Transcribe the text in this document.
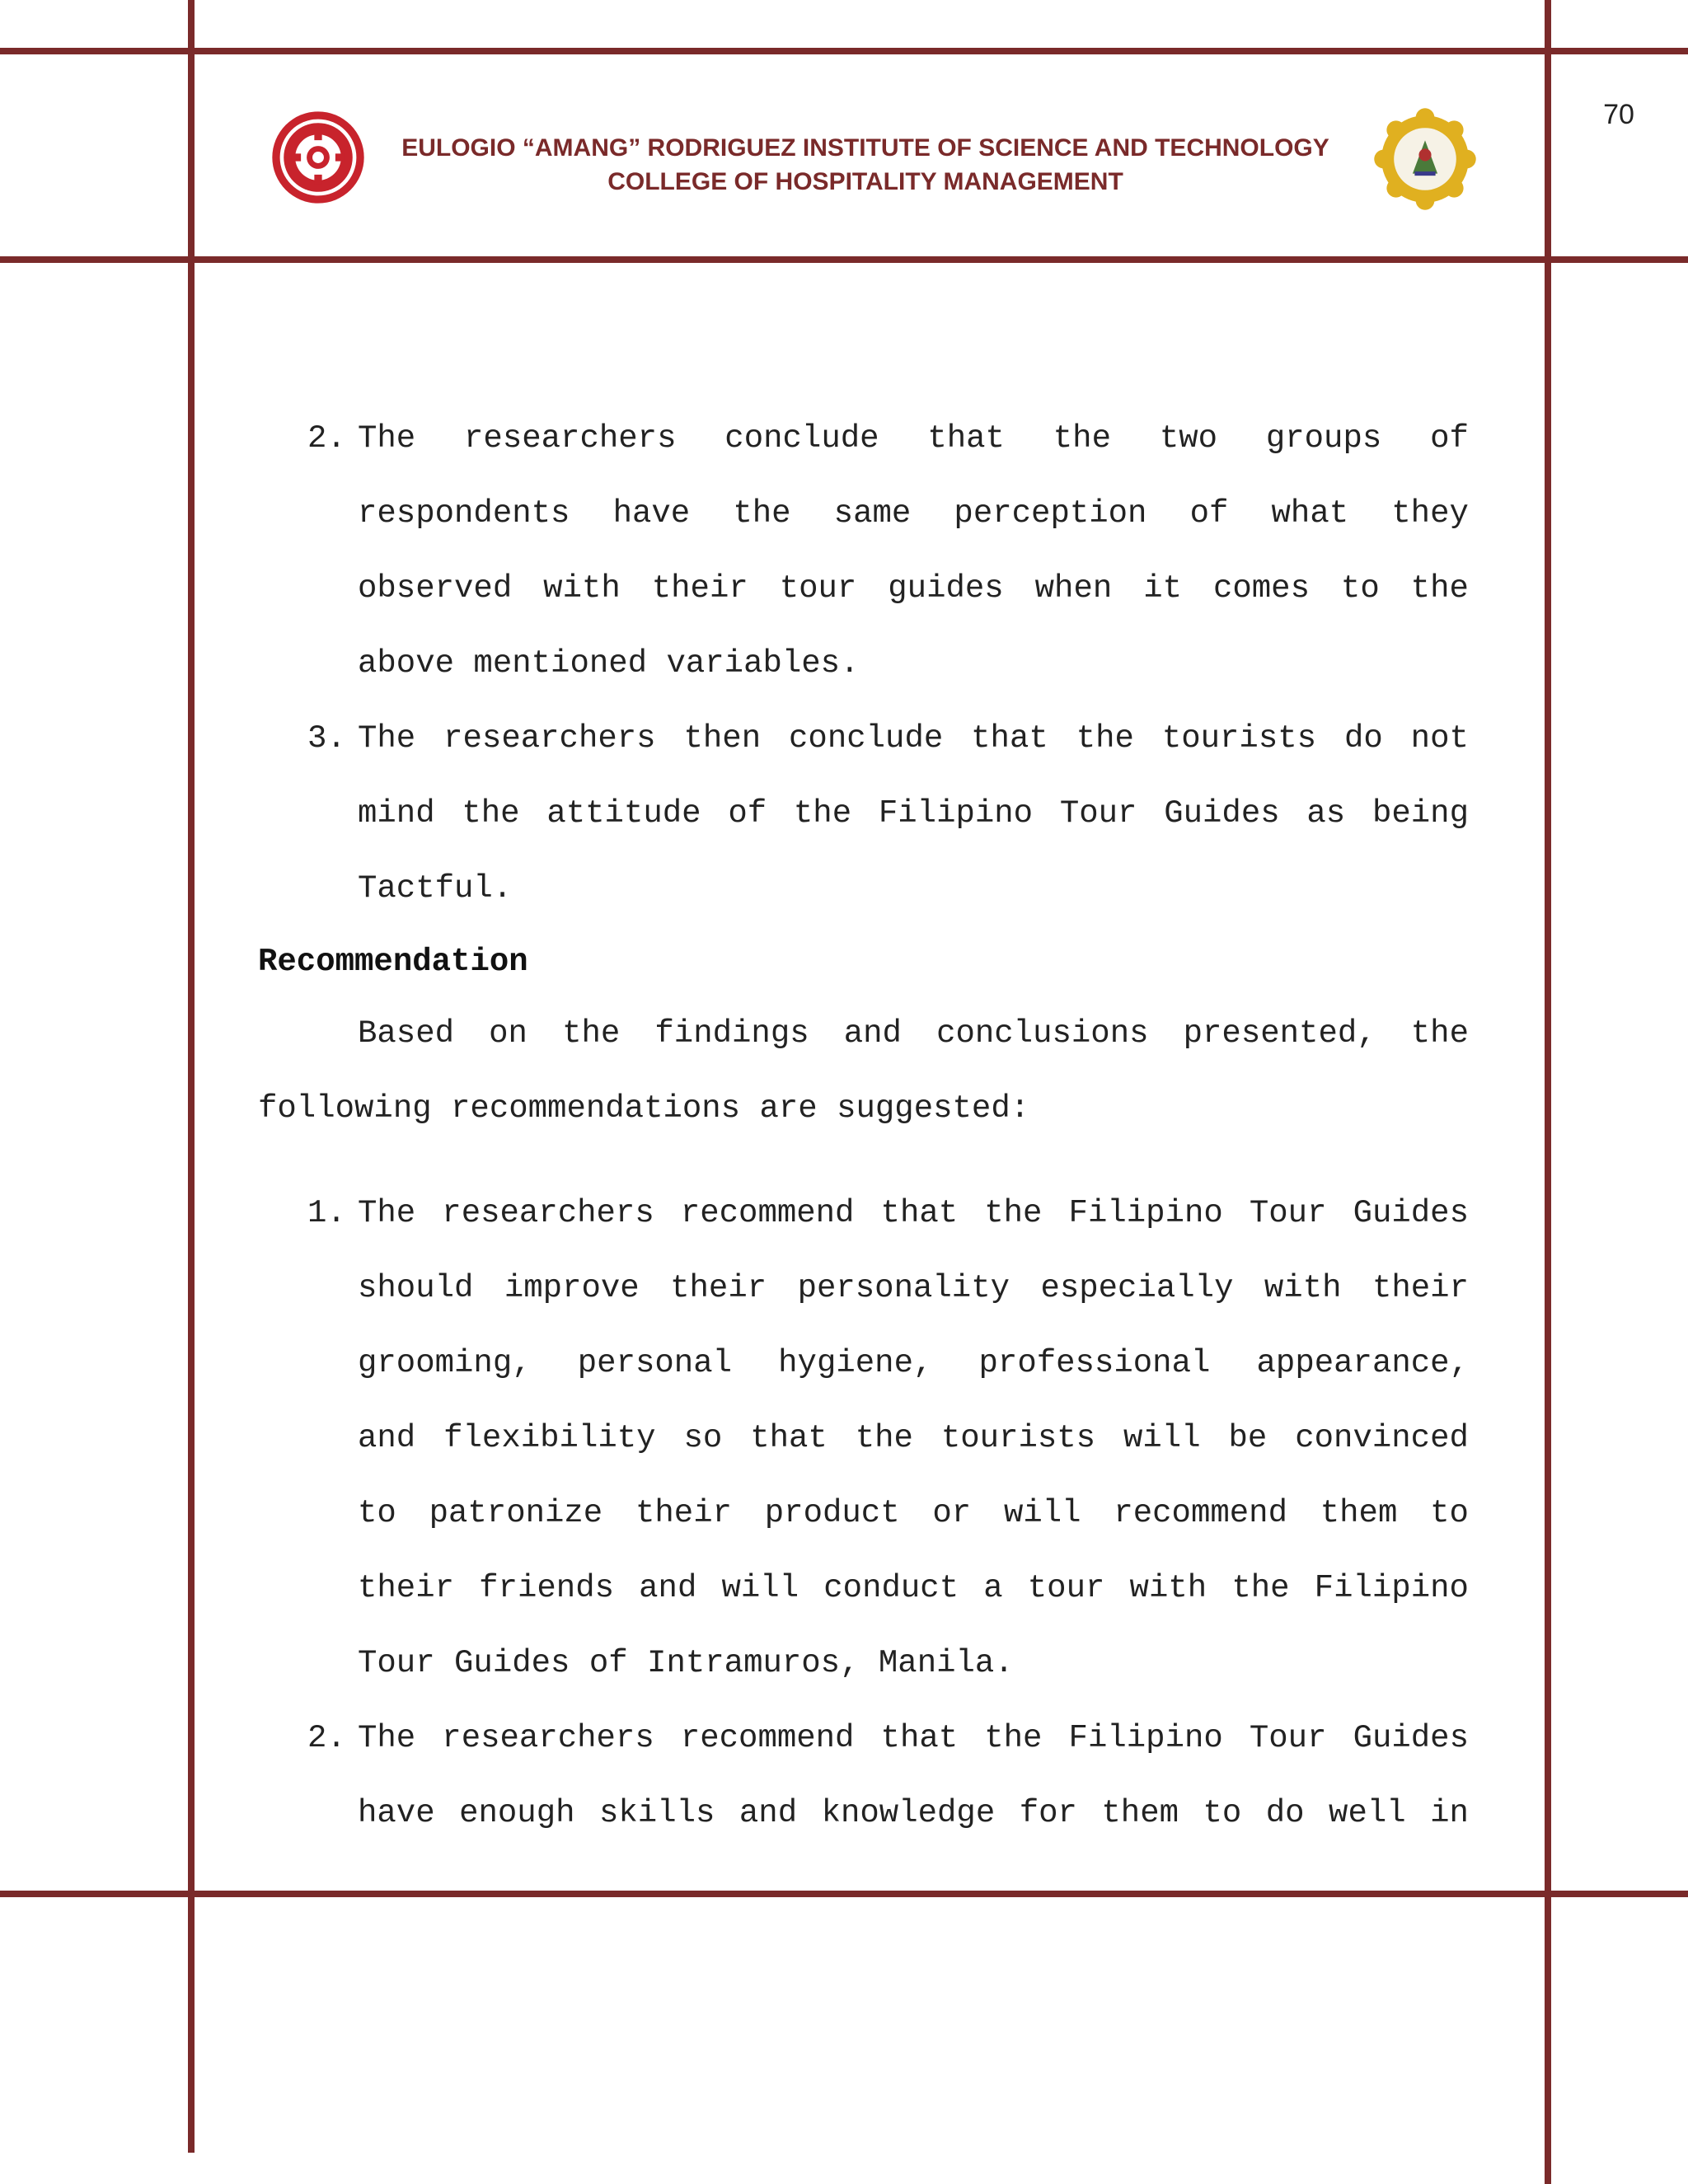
70
EULOGIO “AMANG” RODRIGUEZ INSTITUTE OF SCIENCE AND TECHNOLOGY
COLLEGE OF HOSPITALITY MANAGEMENT
2. The researchers conclude that the two groups of
respondents have the same perception of what they
observed with their tour guides when it comes to the
above mentioned variables.
3. The researchers then conclude that the tourists do not
mind the attitude of the Filipino Tour Guides as being
Tactful.
Recommendation
Based on the findings and conclusions presented, the
following recommendations are suggested:
1. The researchers recommend that the Filipino Tour Guides
should improve their personality especially with their
grooming, personal hygiene, professional appearance,
and flexibility so that the tourists will be convinced
to patronize their product or will recommend them to
their friends and will conduct a tour with the Filipino
Tour Guides of Intramuros, Manila.
2. The researchers recommend that the Filipino Tour Guides
have enough skills and knowledge for them to do well in
